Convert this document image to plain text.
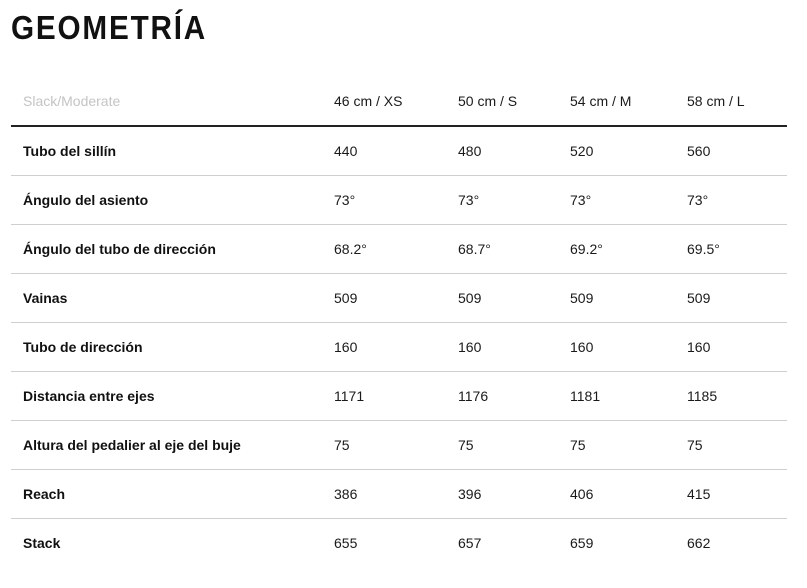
GEOMETRÍA
Slack/Moderate	46 cm / XS	50 cm / S	54 cm / M	58 cm / L
Tubo del sillín	440	480	520	560
Ángulo del asiento	73°	73°	73°	73°
Ángulo del tubo de dirección	68.2°	68.7°	69.2°	69.5°
Vainas	509	509	509	509
Tubo de dirección	160	160	160	160
Distancia entre ejes	1171	1176	1181	1185
Altura del pedalier al eje del buje	75	75	75	75
Reach	386	396	406	415
Stack	655	657	659	662
